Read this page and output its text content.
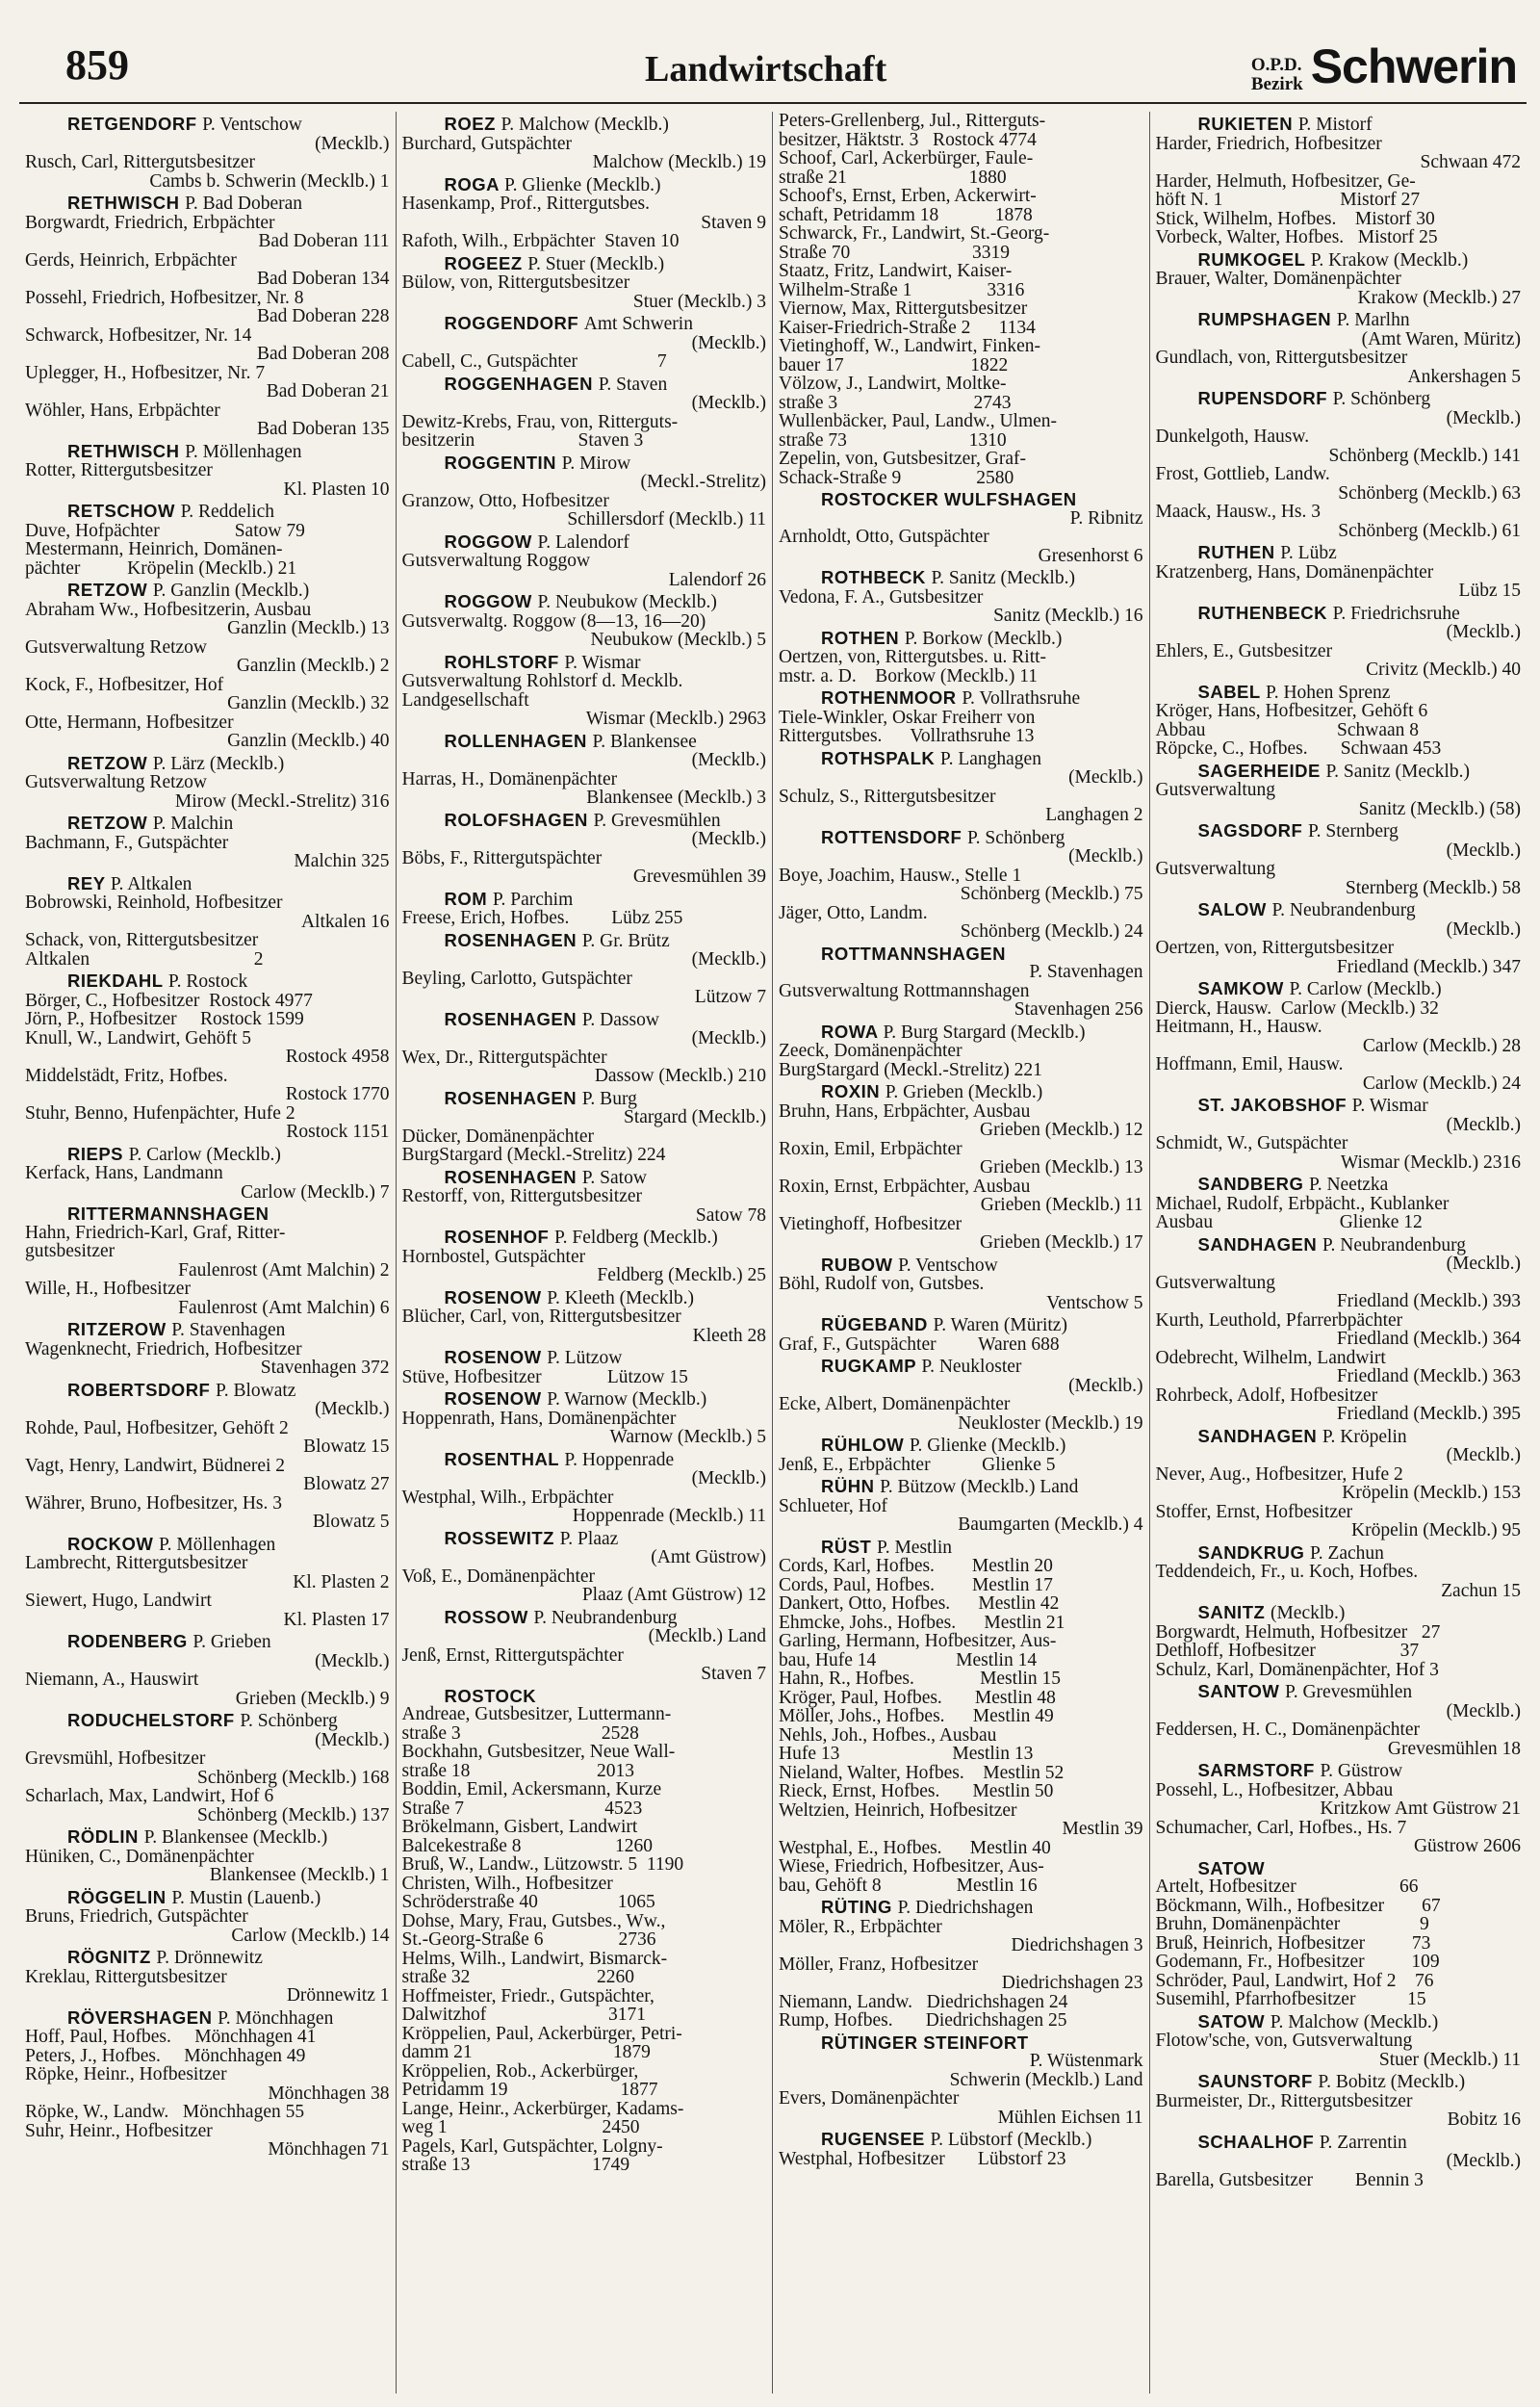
859	Landwirtschaft	O.P.D.
Bezirk Schwerin
RETGENDORF P. Ventschow
(Mecklb.)
Rusch, Carl, Rittergutsbesitzer
Cambs b. Schwerin (Mecklb.) 1
RETHWISCH P. Bad Doberan
Borgwardt, Friedrich, Erbpächter
Bad Doberan 111
Gerds, Heinrich, Erbpächter
Bad Doberan 134
Possehl, Friedrich, Hofbesitzer, Nr. 8
Bad Doberan 228
Schwarck, Hofbesitzer, Nr. 14
Bad Doberan 208
Uplegger, H., Hofbesitzer, Nr. 7
Bad Doberan 21
Wöhler, Hans, Erbpächter
Bad Doberan 135
RETHWISCH P. Möllenhagen
Rotter, Rittergutsbesitzer
Kl. Plasten 10
RETSCHOW P. Reddelich
Duve, Hofpächter                Satow 79
Mestermann, Heinrich, Domänen-
pächter          Kröpelin (Mecklb.) 21
RETZOW P. Ganzlin (Mecklb.)
Abraham Ww., Hofbesitzerin, Ausbau
Ganzlin (Mecklb.) 13
Gutsverwaltung Retzow
Ganzlin (Mecklb.) 2
Kock, F., Hofbesitzer, Hof
Ganzlin (Mecklb.) 32
Otte, Hermann, Hofbesitzer
Ganzlin (Mecklb.) 40
RETZOW P. Lärz (Mecklb.)
Gutsverwaltung Retzow
Mirow (Meckl.-Strelitz) 316
RETZOW P. Malchin
Bachmann, F., Gutspächter
Malchin 325
REY P. Altkalen
Bobrowski, Reinhold, Hofbesitzer
Altkalen 16
Schack, von, Rittergutsbesitzer
Altkalen                                   2
RIEKDAHL P. Rostock
Börger, C., Hofbesitzer  Rostock 4977
Jörn, P., Hofbesitzer     Rostock 1599
Knull, W., Landwirt, Gehöft 5
Rostock 4958
Middelstädt, Fritz, Hofbes.
Rostock 1770
Stuhr, Benno, Hufenpächter, Hufe 2
Rostock 1151
RIEPS P. Carlow (Mecklb.)
Kerfack, Hans, Landmann
Carlow (Mecklb.) 7
RITTERMANNSHAGEN
Hahn, Friedrich-Karl, Graf, Ritter-
gutsbesitzer
Faulenrost (Amt Malchin) 2
Wille, H., Hofbesitzer
Faulenrost (Amt Malchin) 6
RITZEROW P. Stavenhagen
Wagenknecht, Friedrich, Hofbesitzer
Stavenhagen 372
ROBERTSDORF P. Blowatz
(Mecklb.)
Rohde, Paul, Hofbesitzer, Gehöft 2
Blowatz 15
Vagt, Henry, Landwirt, Büdnerei 2
Blowatz 27
Währer, Bruno, Hofbesitzer, Hs. 3
Blowatz 5
ROCKOW P. Möllenhagen
Lambrecht, Rittergutsbesitzer
Kl. Plasten 2
Siewert, Hugo, Landwirt
Kl. Plasten 17
RODENBERG P. Grieben
(Mecklb.)
Niemann, A., Hauswirt
Grieben (Mecklb.) 9
RODUCHELSTORF P. Schönberg
(Mecklb.)
Grevsmühl, Hofbesitzer
Schönberg (Mecklb.) 168
Scharlach, Max, Landwirt, Hof 6
Schönberg (Mecklb.) 137
RÖDLIN P. Blankensee (Mecklb.)
Hüniken, C., Domänenpächter
Blankensee (Mecklb.) 1
RÖGGELIN P. Mustin (Lauenb.)
Bruns, Friedrich, Gutspächter
Carlow (Mecklb.) 14
RÖGNITZ P. Drönnewitz
Kreklau, Rittergutsbesitzer
Drönnewitz 1
RÖVERSHAGEN P. Mönchhagen
Hoff, Paul, Hofbes.     Mönchhagen 41
Peters, J., Hofbes.     Mönchhagen 49
Röpke, Heinr., Hofbesitzer
Mönchhagen 38
Röpke, W., Landw.   Mönchhagen 55
Suhr, Heinr., Hofbesitzer
Mönchhagen 71
ROEZ P. Malchow (Mecklb.)
Burchard, Gutspächter
Malchow (Mecklb.) 19
ROGA P. Glienke (Mecklb.)
Hasenkamp, Prof., Rittergutsbes.
Staven 9
Rafoth, Wilh., Erbpächter  Staven 10
ROGEEZ P. Stuer (Mecklb.)
Bülow, von, Rittergutsbesitzer
Stuer (Mecklb.) 3
ROGGENDORF Amt Schwerin
(Mecklb.)
Cabell, C., Gutspächter                 7
ROGGENHAGEN P. Staven
(Mecklb.)
Dewitz-Krebs, Frau, von, Ritterguts-
besitzerin                      Staven 3
ROGGENTIN P. Mirow
(Meckl.-Strelitz)
Granzow, Otto, Hofbesitzer
Schillersdorf (Mecklb.) 11
ROGGOW P. Lalendorf
Gutsverwaltung Roggow
Lalendorf 26
ROGGOW P. Neubukow (Mecklb.)
Gutsverwaltg. Roggow (8—13, 16—20)
Neubukow (Mecklb.) 5
ROHLSTORF P. Wismar
Gutsverwaltung Rohlstorf d. Mecklb.
Landgesellschaft
Wismar (Mecklb.) 2963
ROLLENHAGEN P. Blankensee
(Mecklb.)
Harras, H., Domänenpächter
Blankensee (Mecklb.) 3
ROLOFSHAGEN P. Grevesmühlen
(Mecklb.)
Böbs, F., Rittergutspächter
Grevesmühlen 39
ROM P. Parchim
Freese, Erich, Hofbes.         Lübz 255
ROSENHAGEN P. Gr. Brütz
(Mecklb.)
Beyling, Carlotto, Gutspächter
Lützow 7
ROSENHAGEN P. Dassow
(Mecklb.)
Wex, Dr., Rittergutspächter
Dassow (Mecklb.) 210
ROSENHAGEN P. Burg
Stargard (Mecklb.)
Dücker, Domänenpächter
BurgStargard (Meckl.-Strelitz) 224
ROSENHAGEN P. Satow
Restorff, von, Rittergutsbesitzer
Satow 78
ROSENHOF P. Feldberg (Mecklb.)
Hornbostel, Gutspächter
Feldberg (Mecklb.) 25
ROSENOW P. Kleeth (Mecklb.)
Blücher, Carl, von, Rittergutsbesitzer
Kleeth 28
ROSENOW P. Lützow
Stüve, Hofbesitzer              Lützow 15
ROSENOW P. Warnow (Mecklb.)
Hoppenrath, Hans, Domänenpächter
Warnow (Mecklb.) 5
ROSENTHAL P. Hoppenrade
(Mecklb.)
Westphal, Wilh., Erbpächter
Hoppenrade (Mecklb.) 11
ROSSEWITZ P. Plaaz
(Amt Güstrow)
Voß, E., Domänenpächter
Plaaz (Amt Güstrow) 12
ROSSOW P. Neubrandenburg
(Mecklb.) Land
Jenß, Ernst, Rittergutspächter
Staven 7
ROSTOCK
Andreae, Gutsbesitzer, Luttermann-
straße 3                              2528
Bockhahn, Gutsbesitzer, Neue Wall-
straße 18                           2013
Boddin, Emil, Ackersmann, Kurze
Straße 7                              4523
Brökelmann, Gisbert, Landwirt
Balcekestraße 8                    1260
Bruß, W., Landw., Lützowstr. 5  1190
Christen, Wilh., Hofbesitzer
Schröderstraße 40                 1065
Dohse, Mary, Frau, Gutsbes., Ww.,
St.-Georg-Straße 6                2736
Helms, Wilh., Landwirt, Bismarck-
straße 32                           2260
Hoffmeister, Friedr., Gutspächter,
Dalwitzhof                          3171
Kröppelien, Paul, Ackerbürger, Petri-
damm 21                              1879
Kröppelien, Rob., Ackerbürger,
Petridamm 19                        1877
Lange, Heinr., Ackerbürger, Kadams-
weg 1                                 2450
Pagels, Karl, Gutspächter, Lolgny-
straße 13                          1749
Peters-Grellenberg, Jul., Ritterguts-
besitzer, Häktstr. 3   Rostock 4774
Schoof, Carl, Ackerbürger, Faule-
straße 21                          1880
Schoof's, Ernst, Erben, Ackerwirt-
schaft, Petridamm 18            1878
Schwarck, Fr., Landwirt, St.-Georg-
Straße 70                          3319
Staatz, Fritz, Landwirt, Kaiser-
Wilhelm-Straße 1                3316
Viernow, Max, Rittergutsbesitzer
Kaiser-Friedrich-Straße 2      1134
Vietinghoff, W., Landwirt, Finken-
bauer 17                           1822
Völzow, J., Landwirt, Moltke-
straße 3                             2743
Wullenbäcker, Paul, Landw., Ulmen-
straße 73                          1310
Zepelin, von, Gutsbesitzer, Graf-
Schack-Straße 9                2580
ROSTOCKER WULFSHAGEN
P. Ribnitz
Arnholdt, Otto, Gutspächter
Gresenhorst 6
ROTHBECK P. Sanitz (Mecklb.)
Vedona, F. A., Gutsbesitzer
Sanitz (Mecklb.) 16
ROTHEN P. Borkow (Mecklb.)
Oertzen, von, Rittergutsbes. u. Ritt-
mstr. a. D.    Borkow (Mecklb.) 11
ROTHENMOOR P. Vollrathsruhe
Tiele-Winkler, Oskar Freiherr von
Rittergutsbes.      Vollrathsruhe 13
ROTHSPALK P. Langhagen
(Mecklb.)
Schulz, S., Rittergutsbesitzer
Langhagen 2
ROTTENSDORF P. Schönberg
(Mecklb.)
Boye, Joachim, Hausw., Stelle 1
Schönberg (Mecklb.) 75
Jäger, Otto, Landm.
Schönberg (Mecklb.) 24
ROTTMANNSHAGEN
P. Stavenhagen
Gutsverwaltung Rottmannshagen
Stavenhagen 256
ROWA P. Burg Stargard (Mecklb.)
Zeeck, Domänenpächter
BurgStargard (Meckl.-Strelitz) 221
ROXIN P. Grieben (Mecklb.)
Bruhn, Hans, Erbpächter, Ausbau
Grieben (Mecklb.) 12
Roxin, Emil, Erbpächter
Grieben (Mecklb.) 13
Roxin, Ernst, Erbpächter, Ausbau
Grieben (Mecklb.) 11
Vietinghoff, Hofbesitzer
Grieben (Mecklb.) 17
RUBOW P. Ventschow
Böhl, Rudolf von, Gutsbes.
Ventschow 5
RÜGEBAND P. Waren (Müritz)
Graf, F., Gutspächter         Waren 688
RUGKAMP P. Neukloster
(Mecklb.)
Ecke, Albert, Domänenpächter
Neukloster (Mecklb.) 19
RÜHLOW P. Glienke (Mecklb.)
Jenß, E., Erbpächter           Glienke 5
RÜHN P. Bützow (Mecklb.) Land
Schlueter, Hof
Baumgarten (Mecklb.) 4
RÜST P. Mestlin
Cords, Karl, Hofbes.        Mestlin 20
Cords, Paul, Hofbes.        Mestlin 17
Dankert, Otto, Hofbes.      Mestlin 42
Ehmcke, Johs., Hofbes.      Mestlin 21
Garling, Hermann, Hofbesitzer, Aus-
bau, Hufe 14                 Mestlin 14
Hahn, R., Hofbes.              Mestlin 15
Kröger, Paul, Hofbes.       Mestlin 48
Möller, Johs., Hofbes.      Mestlin 49
Nehls, Joh., Hofbes., Ausbau
Hufe 13                        Mestlin 13
Nieland, Walter, Hofbes.    Mestlin 52
Rieck, Ernst, Hofbes.       Mestlin 50
Weltzien, Heinrich, Hofbesitzer
Mestlin 39
Westphal, E., Hofbes.      Mestlin 40
Wiese, Friedrich, Hofbesitzer, Aus-
bau, Gehöft 8                Mestlin 16
RÜTING P. Diedrichshagen
Möler, R., Erbpächter
Diedrichshagen 3
Möller, Franz, Hofbesitzer
Diedrichshagen 23
Niemann, Landw.   Diedrichshagen 24
Rump, Hofbes.       Diedrichshagen 25
RÜTINGER STEINFORT
P. Wüstenmark
Schwerin (Mecklb.) Land
Evers, Domänenpächter
Mühlen Eichsen 11
RUGENSEE P. Lübstorf (Mecklb.)
Westphal, Hofbesitzer       Lübstorf 23
RUKIETEN P. Mistorf
Harder, Friedrich, Hofbesitzer
Schwaan 472
Harder, Helmuth, Hofbesitzer, Ge-
höft N. 1                         Mistorf 27
Stick, Wilhelm, Hofbes.    Mistorf 30
Vorbeck, Walter, Hofbes.   Mistorf 25
RUMKOGEL P. Krakow (Mecklb.)
Brauer, Walter, Domänenpächter
Krakow (Mecklb.) 27
RUMPSHAGEN P. Marlhn
(Amt Waren, Müritz)
Gundlach, von, Rittergutsbesitzer
Ankershagen 5
RUPENSDORF P. Schönberg
(Mecklb.)
Dunkelgoth, Hausw.
Schönberg (Mecklb.) 141
Frost, Gottlieb, Landw.
Schönberg (Mecklb.) 63
Maack, Hausw., Hs. 3
Schönberg (Mecklb.) 61
RUTHEN P. Lübz
Kratzenberg, Hans, Domänenpächter
Lübz 15
RUTHENBECK P. Friedrichsruhe
(Mecklb.)
Ehlers, E., Gutsbesitzer
Crivitz (Mecklb.) 40
SABEL P. Hohen Sprenz
Kröger, Hans, Hofbesitzer, Gehöft 6
Abbau                            Schwaan 8
Röpcke, C., Hofbes.       Schwaan 453
SAGERHEIDE P. Sanitz (Mecklb.)
Gutsverwaltung
Sanitz (Mecklb.) (58)
SAGSDORF P. Sternberg
(Mecklb.)
Gutsverwaltung
Sternberg (Mecklb.) 58
SALOW P. Neubrandenburg
(Mecklb.)
Oertzen, von, Rittergutsbesitzer
Friedland (Mecklb.) 347
SAMKOW P. Carlow (Mecklb.)
Dierck, Hausw.  Carlow (Mecklb.) 32
Heitmann, H., Hausw.
Carlow (Mecklb.) 28
Hoffmann, Emil, Hausw.
Carlow (Mecklb.) 24
ST. JAKOBSHOF P. Wismar
(Mecklb.)
Schmidt, W., Gutspächter
Wismar (Mecklb.) 2316
SANDBERG P. Neetzka
Michael, Rudolf, Erbpächt., Kublanker
Ausbau                           Glienke 12
SANDHAGEN P. Neubrandenburg
(Mecklb.)
Gutsverwaltung
Friedland (Mecklb.) 393
Kurth, Leuthold, Pfarrerbpächter
Friedland (Mecklb.) 364
Odebrecht, Wilhelm, Landwirt
Friedland (Mecklb.) 363
Rohrbeck, Adolf, Hofbesitzer
Friedland (Mecklb.) 395
SANDHAGEN P. Kröpelin
(Mecklb.)
Never, Aug., Hofbesitzer, Hufe 2
Kröpelin (Mecklb.) 153
Stoffer, Ernst, Hofbesitzer
Kröpelin (Mecklb.) 95
SANDKRUG P. Zachun
Teddendeich, Fr., u. Koch, Hofbes.
Zachun 15
SANITZ (Mecklb.)
Borgwardt, Helmuth, Hofbesitzer   27
Dethloff, Hofbesitzer                  37
Schulz, Karl, Domänenpächter, Hof 3
SANTOW P. Grevesmühlen
(Mecklb.)
Feddersen, H. C., Domänenpächter
Grevesmühlen 18
SARMSTORF P. Güstrow
Possehl, L., Hofbesitzer, Abbau
Kritzkow Amt Güstrow 21
Schumacher, Carl, Hofbes., Hs. 7
Güstrow 2606
SATOW
Artelt, Hofbesitzer                      66
Böckmann, Wilh., Hofbesitzer        67
Bruhn, Domänenpächter                 9
Bruß, Heinrich, Hofbesitzer          73
Godemann, Fr., Hofbesitzer          109
Schröder, Paul, Landwirt, Hof 2    76
Susemihl, Pfarrhofbesitzer           15
SATOW P. Malchow (Mecklb.)
Flotow'sche, von, Gutsverwaltung
Stuer (Mecklb.) 11
SAUNSTORF P. Bobitz (Mecklb.)
Burmeister, Dr., Rittergutsbesitzer
Bobitz 16
SCHAALHOF P. Zarrentin
(Mecklb.)
Barella, Gutsbesitzer         Bennin 3
